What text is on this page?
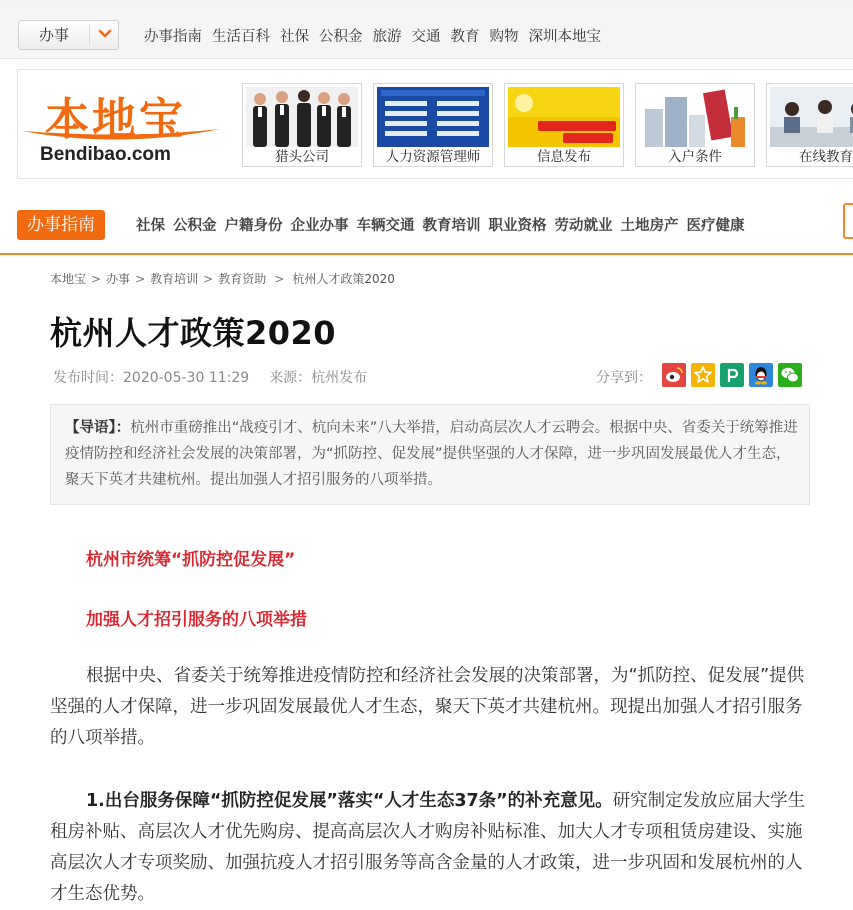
办事	办事指南 生活百科 社保 公积金 旅游 交通 教育 购物 深圳本地宝
本地宝
Bendibao.com	猎头公司	人力资源管理师	信息发布	入户条件	在线教育
办事指南	社保 公积金 户籍身份 企业办事 车辆交通 教育培训 职业资格 劳动就业 土地房产 医疗健康
本地宝 > 办事 > 教育培训 > 教育资助 > 杭州人才政策2020
杭州人才政策2020
发布时间：2020-05-30 11:29 来源：杭州发布	分享到：
【导语】：杭州市重磅推出“战疫引才、杭向未来”八大举措，启动高层次人才云聘会。根据中央、省委关于统筹推进疫情防控和经济社会发展的决策部署，为“抓防控、促发展”提供坚强的人才保障，进一步巩固发展最优人才生态，聚天下英才共建杭州。提出加强人才招引服务的八项举措。
杭州市统筹“抓防控促发展”
加强人才招引服务的八项举措

根据中央、省委关于统筹推进疫情防控和经济社会发展的决策部署，为“抓防控、促发展”提供坚强的人才保障，进一步巩固发展最优人才生态，聚天下英才共建杭州。现提出加强人才招引服务的八项举措。

1.出台服务保障“抓防控促发展”落实“人才生态37条”的补充意见。研究制定发放应届大学生租房补贴、高层次人才优先购房、提高高层次人才购房补贴标准、加大人才专项租赁房建设、实施高层次人才专项奖励、加强抗疫人才招引服务等高含金量的人才政策，进一步巩固和发展杭州的人才生态优势。
